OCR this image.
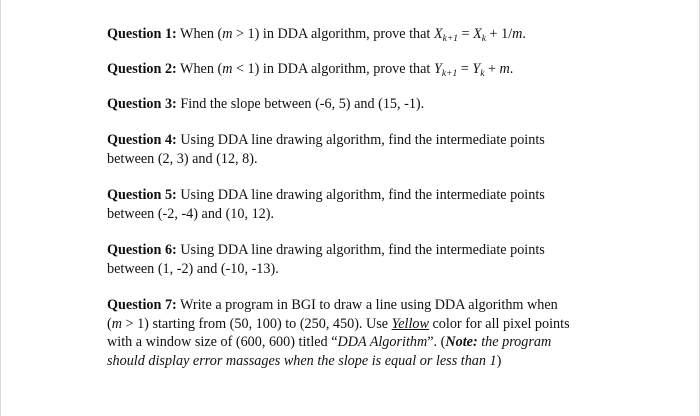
Question 1: When (m > 1) in DDA algorithm, prove that $X_{k+1} = X_k + 1/m$.
Question 2: When (m < 1) in DDA algorithm, prove that $Y_{k+1} = Y_k + m$.
Question 3: Find the slope between (-6, 5) and (15, -1).
Question 4: Using DDA line drawing algorithm, find the intermediate points
between (2, 3) and (12, 8).
Question 5: Using DDA line drawing algorithm, find the intermediate points
between (-2, -4) and (10, 12).
Question 6: Using DDA line drawing algorithm, find the intermediate points
between (1, -2) and (-10, -13).
Question 7: Write a program in BGI to draw a line using DDA algorithm when
(m > 1) starting from (50, 100) to (250, 450). Use Yellow color for all pixel points
with a window size of (600, 600) titled “DDA Algorithm”. (Note: the program
should display error massages when the slope is equal or less than 1)
